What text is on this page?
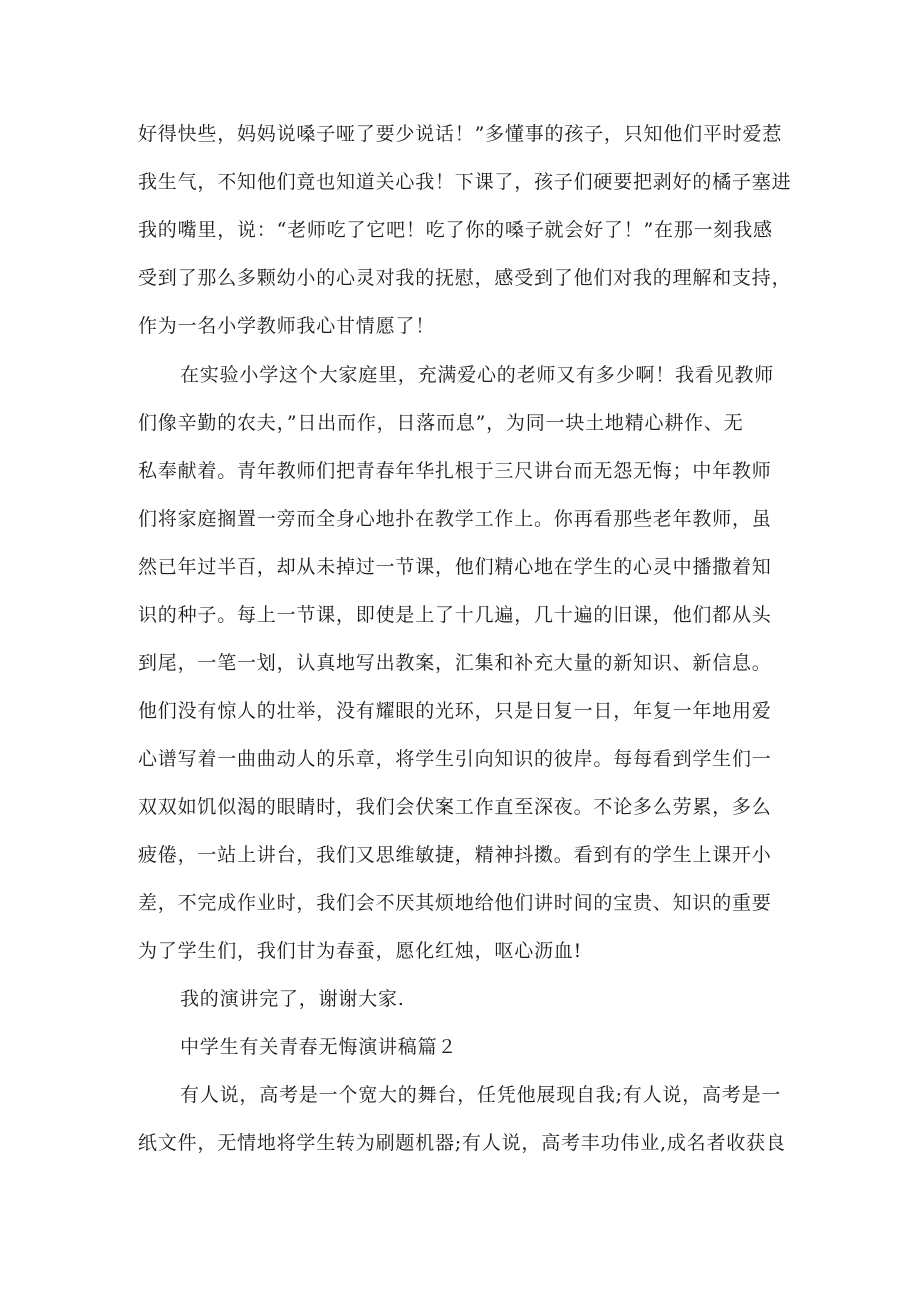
好得快些，妈妈说嗓子哑了要少说话！”多懂事的孩子，只知他们平时爱惹
我生气，不知他们竟也知道关心我！下课了，孩子们硬要把剥好的橘子塞进
我的嘴里，说：“老师吃了它吧！吃了你的嗓子就会好了！”在那一刻我感
受到了那么多颗幼小的心灵对我的抚慰，感受到了他们对我的理解和支持，
作为一名小学教师我心甘情愿了！
在实验小学这个大家庭里，充满爱心的老师又有多少啊！我看见教师
们像辛勤的农夫，”日出而作，日落而息”，为同一块土地精心耕作、无
私奉献着。青年教师们把青春年华扎根于三尺讲台而无怨无悔；中年教师
们将家庭搁置一旁而全身心地扑在教学工作上。你再看那些老年教师，虽
然已年过半百，却从未掉过一节课，他们精心地在学生的心灵中播撒着知
识的种子。每上一节课，即使是上了十几遍，几十遍的旧课，他们都从头
到尾，一笔一划，认真地写出教案，汇集和补充大量的新知识、新信息。
他们没有惊人的壮举，没有耀眼的光环，只是日复一日，年复一年地用爱
心谱写着一曲曲动人的乐章，将学生引向知识的彼岸。每每看到学生们一
双双如饥似渴的眼睛时，我们会伏案工作直至深夜。不论多么劳累，多么
疲倦，一站上讲台，我们又思维敏捷，精神抖擞。看到有的学生上课开小
差，不完成作业时，我们会不厌其烦地给他们讲时间的宝贵、知识的重要
为了学生们，我们甘为春蚕，愿化红烛，呕心沥血!
我的演讲完了，谢谢大家.
中学生有关青春无悔演讲稿篇２
有人说，高考是一个宽大的舞台，任凭他展现自我;有人说，高考是一
纸文件，无情地将学生转为刷题机器;有人说，高考丰功伟业,成名者收获良
